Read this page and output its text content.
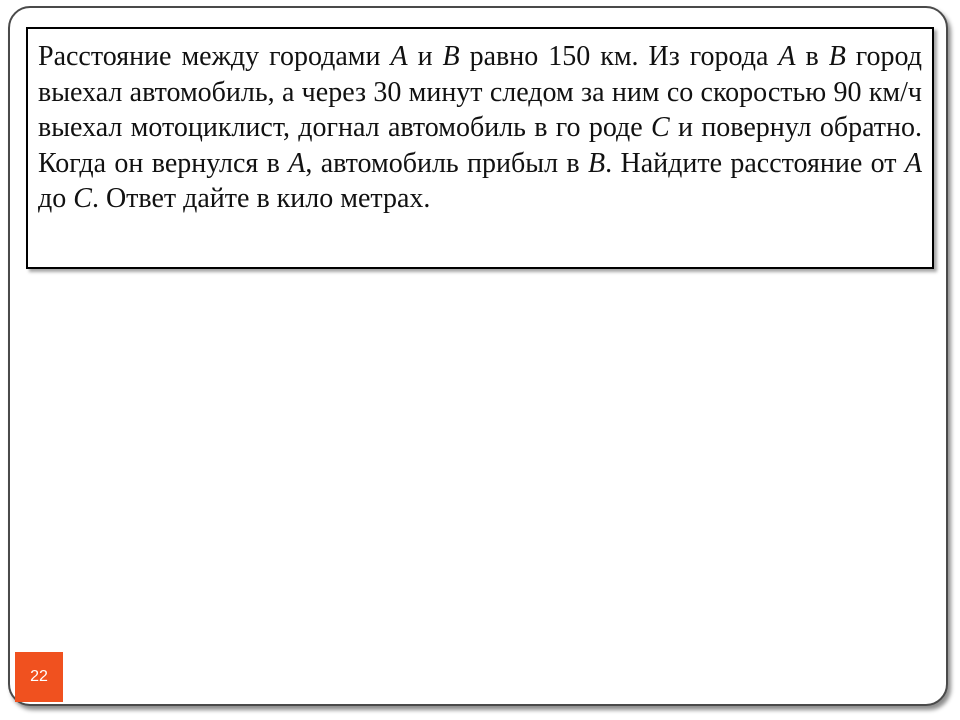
Расстояние между городами A и B равно 150 км. Из города A в B город выехал автомобиль, а через 30 минут следом за ним со скоростью 90 км/ч выехал мотоциклист, догнал автомобиль в го роде C и повернул обратно. Когда он вернулся в A, автомобиль прибыл в B. Найдите расстояние от A до C. Ответ дайте в кило метрах.

22
